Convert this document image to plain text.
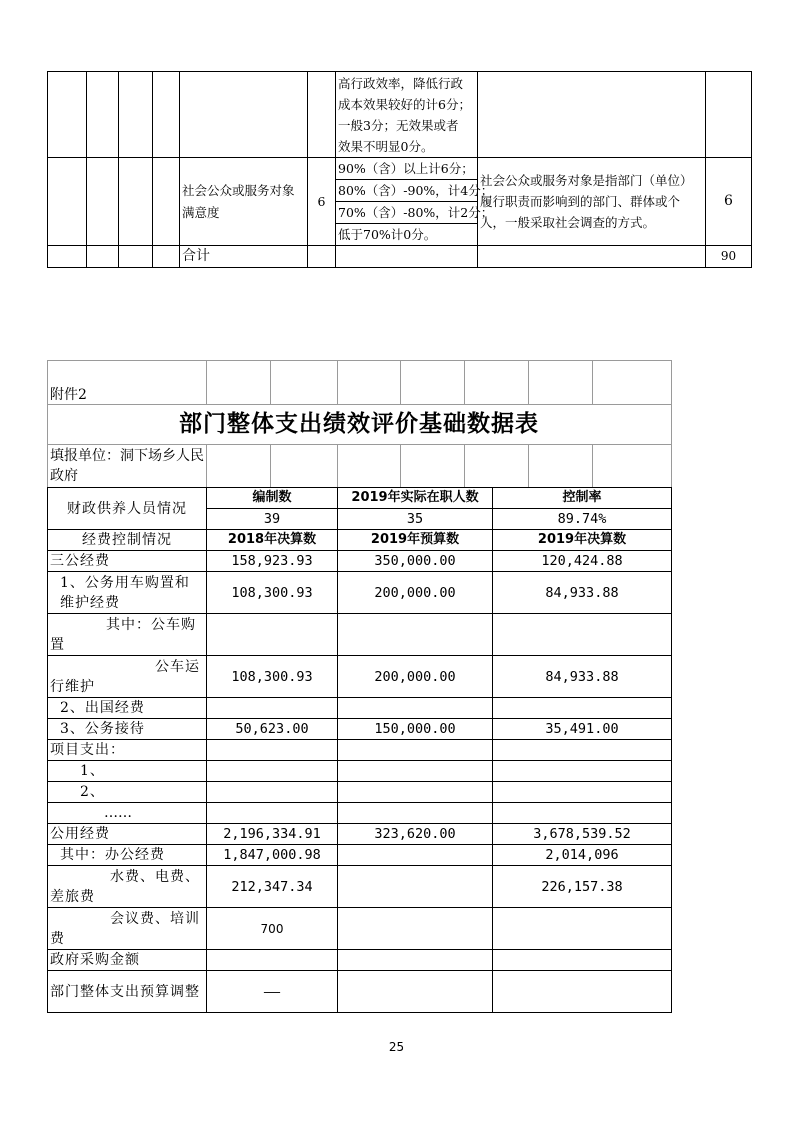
						高行政效率，降低行政
成本效果较好的计6分；
一般3分；无效果或者
效果不明显0分。		

				社会公众或服务对象满意度	6	90%（含）以上计6分；
80%（含）-90%，计4分；
70%（含）-80%，计2分；
低于70%计0分。	社会公众或服务对象是指部门（单位）履行职责而影响到的部门、群体或个人，一般采取社会调查的方式。	6
				合计				90
附件2							

填报单位：洞下场乡人民政府							
部门整体支出绩效评价基础数据表
财政供养人员情况	编制数	2019年实际在职人数	控制率
	39	35	89.74%
经费控制情况	2018年决算数	2019年预算数	2019年决算数
三公经费	158,923.93	350,000.00	120,424.88
1、公务用车购置和维护经费	108,300.93	200,000.00	84,933.88

其中：公车购
置			

公车运
行维护	108,300.93	200,000.00	84,933.88
2、出国经费			
3、公务接待	50,623.00	150,000.00	35,491.00
项目支出：			
1、			
2、			
……			
公用经费	2,196,334.91	323,620.00	3,678,539.52
其中：办公经费	1,847,000.98		2,014,096

水费、电费、
差旅费	212,347.34		226,157.38

会议费、培训
费	700		
政府采购金额			
部门整体支出预算调整	——		
25
